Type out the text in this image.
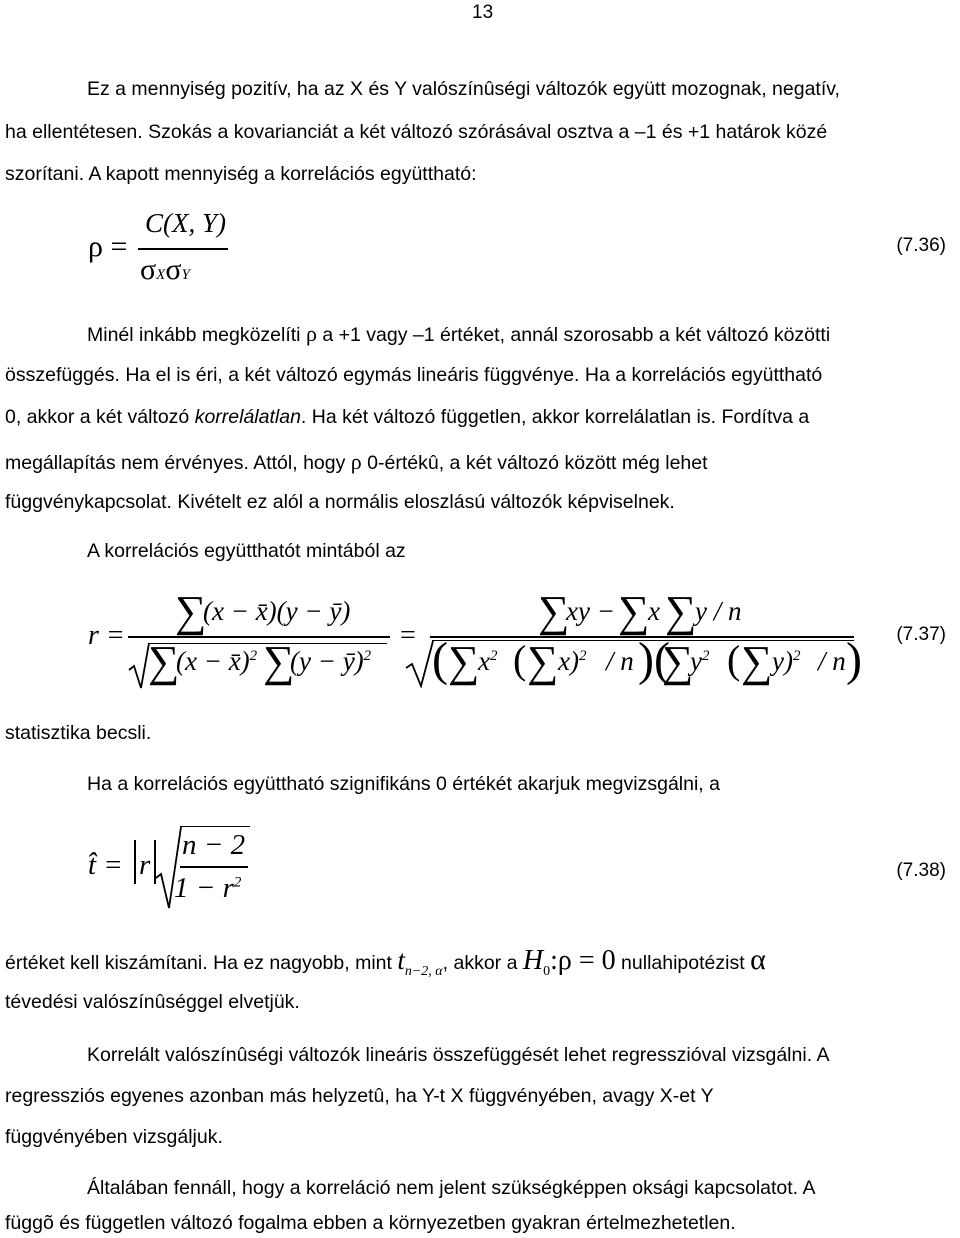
13
Ez a mennyiség pozitív, ha az X és Y valószínûségi változók együtt mozognak, negatív,
ha ellentétesen. Szokás a kovarianciát a két változó szórásával osztva a –1 és +1 határok közé
szorítani. A kapott mennyiség a korrelációs együttható:
ρ =
C(X, Y)
σXσY
(7.36)
Minél inkább megközelíti ρ a +1 vagy –1 értéket, annál szorosabb a két változó közötti
összefüggés. Ha el is éri, a két változó egymás lineáris függvénye. Ha a korrelációs együttható
0, akkor a két változó korrelálatlan. Ha két változó független, akkor korrelálatlan is. Fordítva a
megállapítás nem érvényes. Attól, hogy ρ 0-értékû, a két változó között még lehet
függvénykapcsolat. Kivételt ez alól a normális eloszlású változók képviselnek.
A korrelációs együtthatót mintából az
r = ∑
(x − x̄)(y − ȳ)
∑
(x − x̄)$^2$ ∑
(y − ȳ)$^2$
=	∑
xy − ∑
x ∑
y / n
( ∑
$x^2$ ( ∑ x)$^2$ / n )(
∑
$y^2$ ( ∑ y)$^2$ / n ) (7.37)
statisztika becsli.
Ha a korrelációs együttható szignifikáns 0 értékét akarjuk megvizsgálni, a
t̂ = r
n − 2
$1 - r^2$
(7.38)
értéket kell kiszámítani. Ha ez nagyobb, mint $t_{n-2, \alpha}$, akkor a $H_0:\rho = 0$ nullahipotézist α
tévedési valószínûséggel elvetjük.
Korrelált valószínûségi változók lineáris összefüggését lehet regresszióval vizsgálni. A
regressziós egyenes azonban más helyzetû, ha Y-t X függvényében, avagy X-et Y
függvényében vizsgáljuk.
Általában fennáll, hogy a korreláció nem jelent szükségképpen oksági kapcsolatot. A
függõ és független változó fogalma ebben a környezetben gyakran értelmezhetetlen.
